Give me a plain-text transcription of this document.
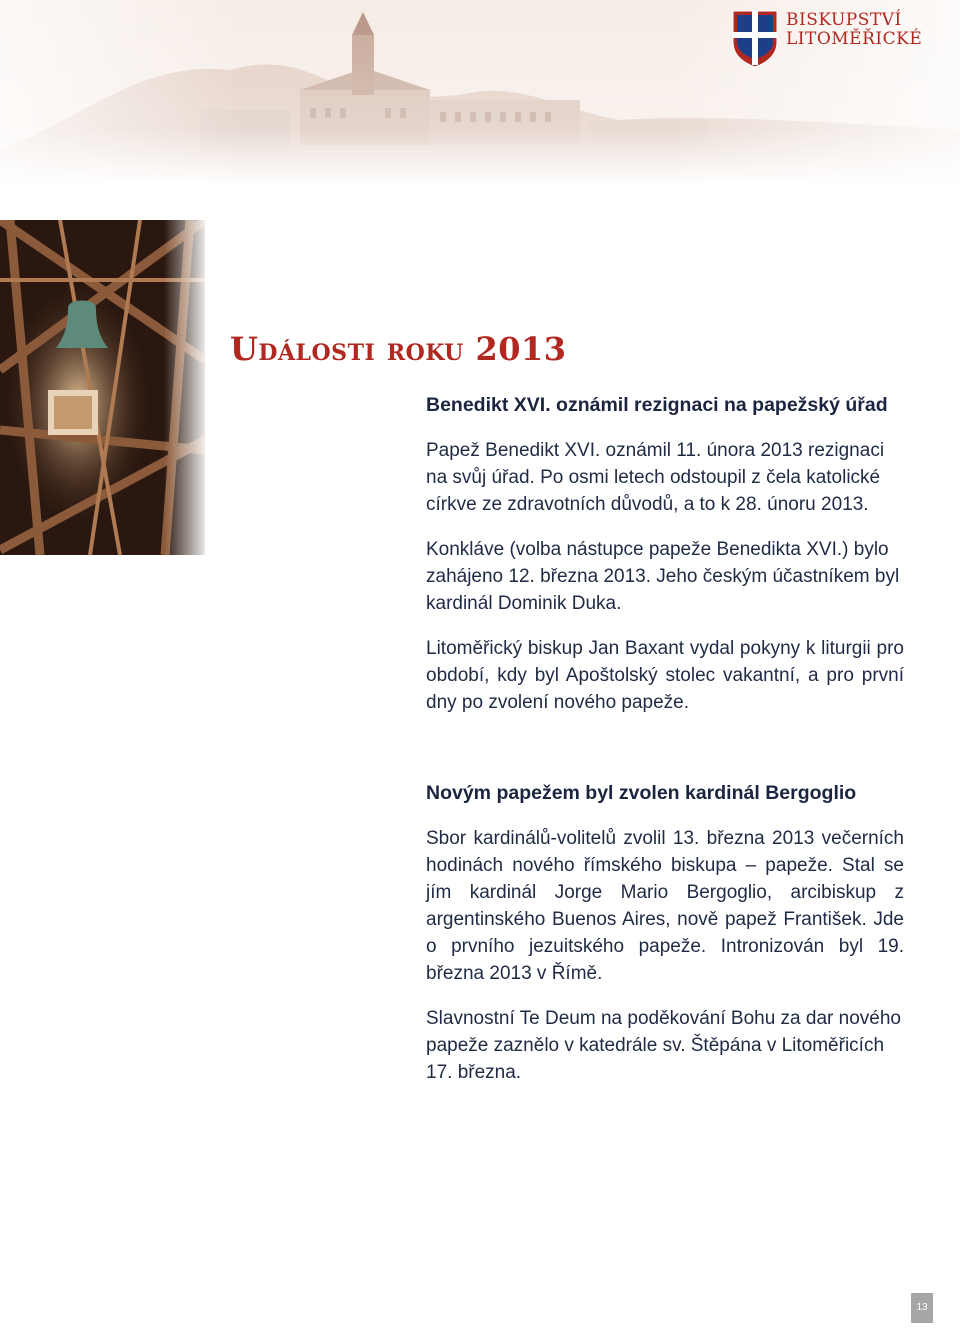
BISKUPSTVÍ
LITOMĚŘICKÉ
Události roku 2013
Benedikt XVI. oznámil rezignaci na papežský úřad

Papež Benedikt XVI. oznámil 11. února 2013 rezignaci na svůj úřad. Po osmi letech odstoupil z čela katolické církve ze zdravotních důvodů, a to k 28. únoru 2013.

Konkláve (volba nástupce papeže Benedikta XVI.) bylo zahájeno 12. března 2013. Jeho českým účastníkem byl kardinál Dominik Duka.

Litoměřický biskup Jan Baxant vydal pokyny k liturgii pro období, kdy byl Apoštolský stolec vakantní, a pro první dny po zvolení nového papeže.

Novým papežem byl zvolen kardinál Bergoglio

Sbor kardinálů-volitelů zvolil 13. března 2013 večerních hodinách nového římského biskupa – papeže. Stal se jím kardinál Jorge Mario Bergoglio, arcibiskup z argentinského Buenos Aires, nově papež František. Jde o prvního jezuitského papeže. Intronizován byl 19. března 2013 v Římě.

Slavnostní Te Deum na poděkování Bohu za dar nového papeže zaznělo v katedrále sv. Štěpána v Litoměřicích 17. března.

13
